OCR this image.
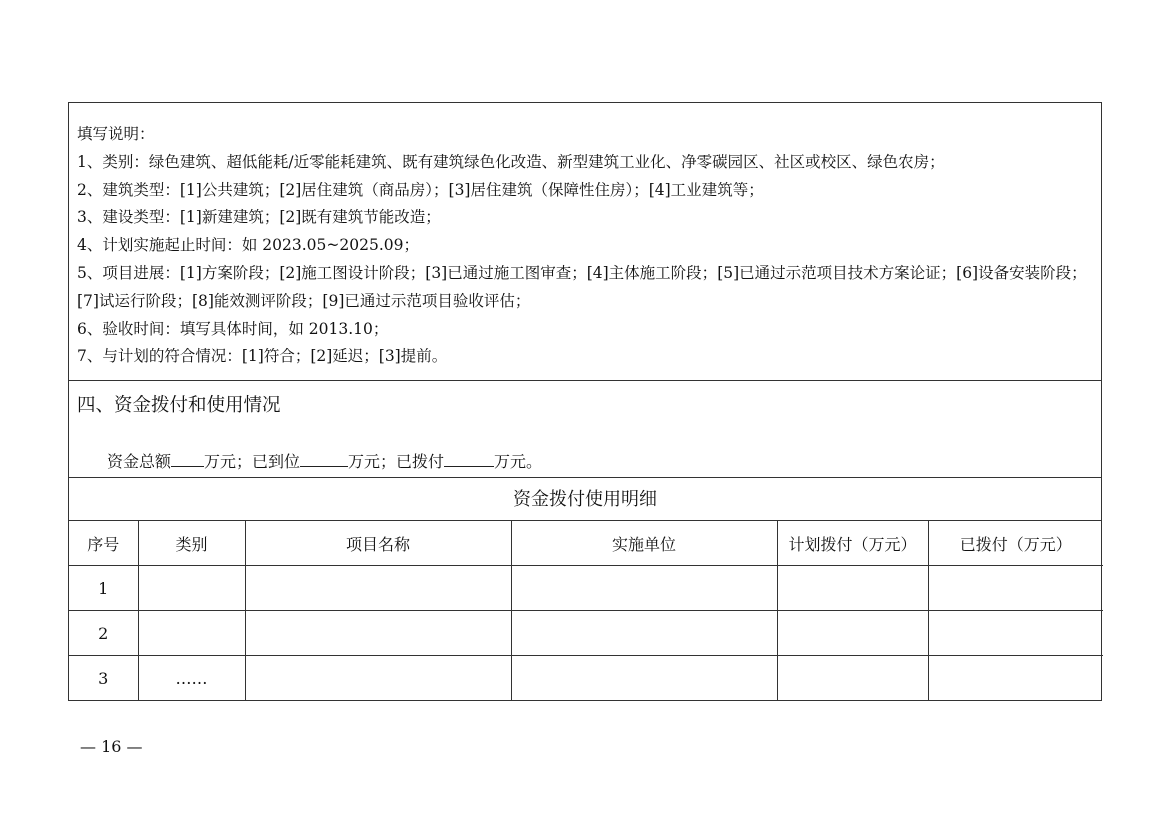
填写说明：
1、类别：绿色建筑、超低能耗/近零能耗建筑、既有建筑绿色化改造、新型建筑工业化、净零碳园区、社区或校区、绿色农房；
2、建筑类型：[1]公共建筑；[2]居住建筑（商品房）；[3]居住建筑（保障性住房）；[4]工业建筑等；
3、建设类型：[1]新建建筑；[2]既有建筑节能改造；
4、计划实施起止时间：如 2023.05~2025.09；
5、项目进展：[1]方案阶段；[2]施工图设计阶段；[3]已通过施工图审查；[4]主体施工阶段；[5]已通过示范项目技术方案论证；[6]设备安装阶段；[7]试运行阶段；[8]能效测评阶段；[9]已通过示范项目验收评估；
6、验收时间：填写具体时间，如 2013.10；
7、与计划的符合情况：[1]符合；[2]延迟；[3]提前。
四、资金拨付和使用情况
资金总额 万元；已到位	万元；已拨付	万元。
资金拨付使用明细
序号	类别	项目名称	实施单位	计划拨付（万元）	已拨付（万元）
1					
2					
3	……				
— 16 —
